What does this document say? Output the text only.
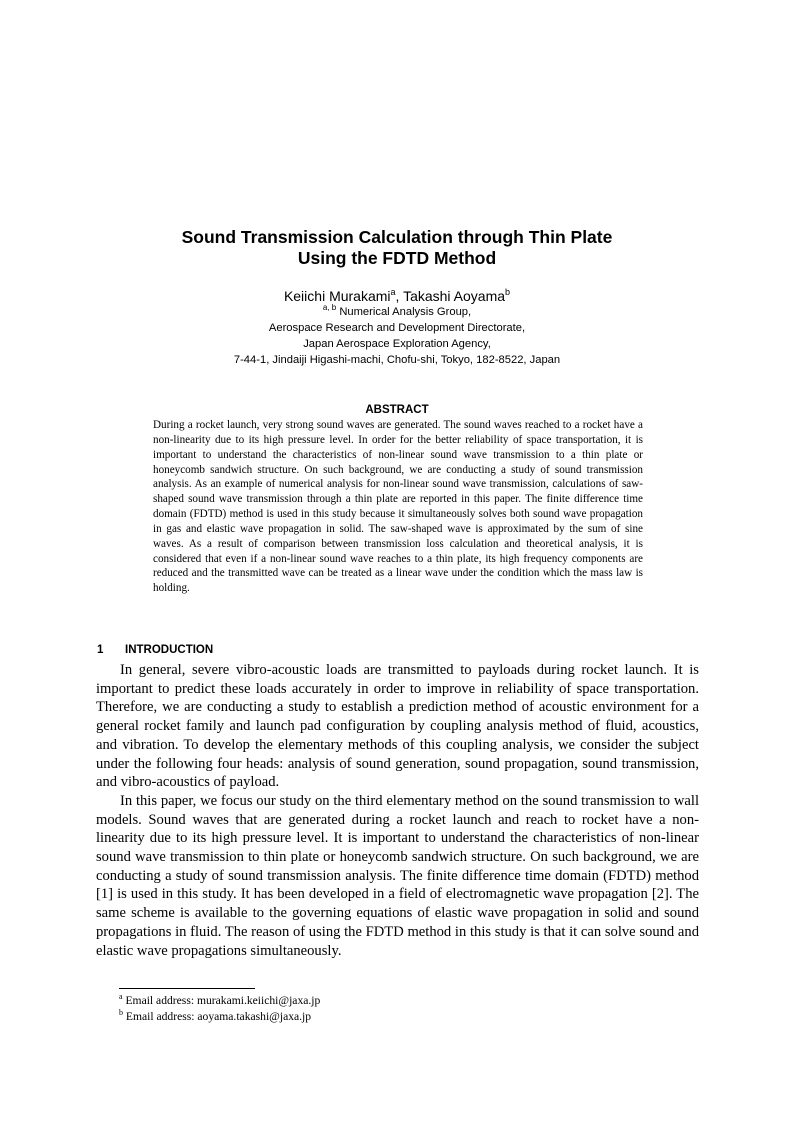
Sound Transmission Calculation through Thin Plate
Using the FDTD Method
Keiichi Murakami$^a$, Takashi Aoyama$^b$
$^{a, b}$ Numerical Analysis Group,
Aerospace Research and Development Directorate,
Japan Aerospace Exploration Agency,
7-44-1, Jindaiji Higashi-machi, Chofu-shi, Tokyo, 182-8522, Japan
ABSTRACT
During a rocket launch, very strong sound waves are generated. The sound waves reached to a rocket have a non-linearity due to its high pressure level. In order for the better reliability of space transportation, it is important to understand the characteristics of non-linear sound wave transmission to a thin plate or honeycomb sandwich structure. On such background, we are conducting a study of sound transmission analysis. As an example of numerical analysis for non-linear sound wave transmission, calculations of saw-shaped sound wave transmission through a thin plate are reported in this paper. The finite difference time domain (FDTD) method is used in this study because it simultaneously solves both sound wave propagation in gas and elastic wave propagation in solid. The saw-shaped wave is approximated by the sum of sine waves. As a result of comparison between transmission loss calculation and theoretical analysis, it is considered that even if a non-linear sound wave reaches to a thin plate, its high frequency components are reduced and the transmitted wave can be treated as a linear wave under the condition which the mass law is holding.
1 INTRODUCTION

In general, severe vibro-acoustic loads are transmitted to payloads during rocket launch. It is important to predict these loads accurately in order to improve in reliability of space transportation. Therefore, we are conducting a study to establish a prediction method of acoustic environment for a general rocket family and launch pad configuration by coupling analysis method of fluid, acoustics, and vibration. To develop the elementary methods of this coupling analysis, we consider the subject under the following four heads: analysis of sound generation, sound propagation, sound transmission, and vibro-acoustics of payload.

In this paper, we focus our study on the third elementary method on the sound transmission to wall models. Sound waves that are generated during a rocket launch and reach to rocket have a non-linearity due to its high pressure level. It is important to understand the characteristics of non-linear sound wave transmission to thin plate or honeycomb sandwich structure. On such background, we are conducting a study of sound transmission analysis. The finite difference time domain (FDTD) method [1] is used in this study. It has been developed in a field of electromagnetic wave propagation [2]. The same scheme is available to the governing equations of elastic wave propagation in solid and sound propagations in fluid. The reason of using the FDTD method in this study is that it can solve sound and elastic wave propagations simultaneously.

$^a$ Email address: murakami.keiichi@jaxa.jp
$^b$ Email address: aoyama.takashi@jaxa.jp
